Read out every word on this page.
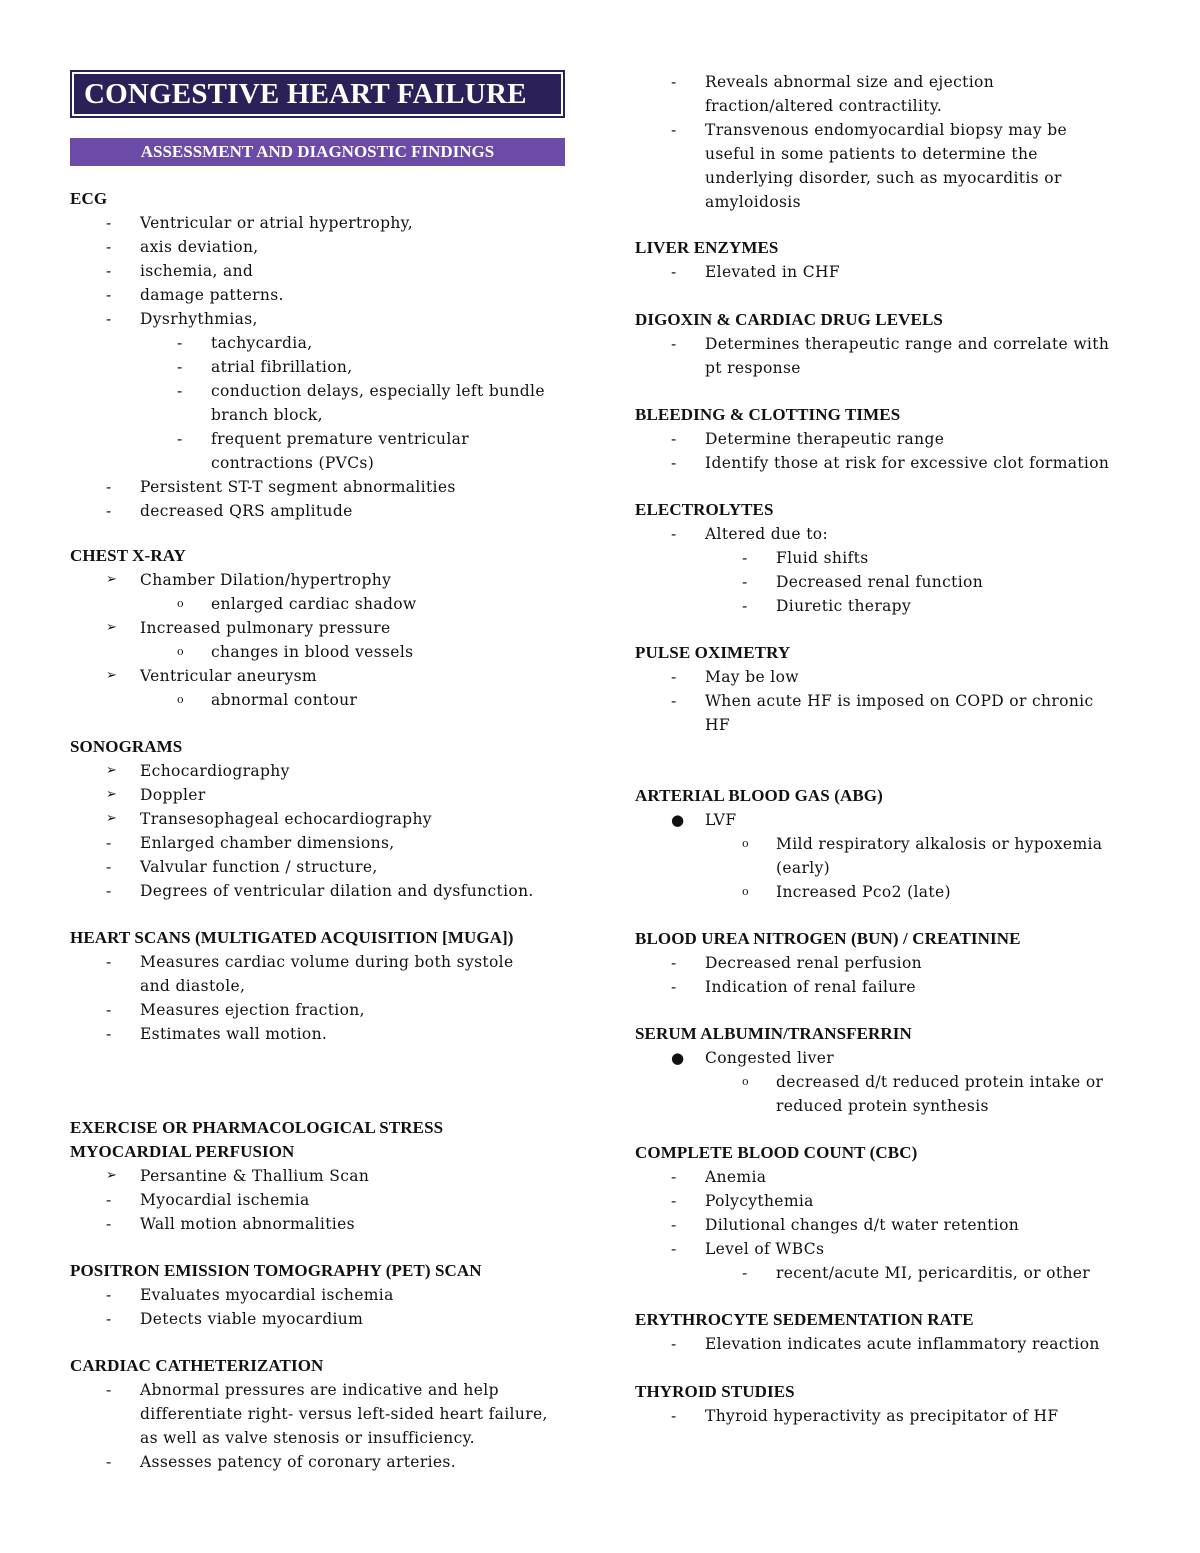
CONGESTIVE HEART FAILURE
ASSESSMENT AND DIAGNOSTIC FINDINGS
ECG
-	Ventricular or atrial hypertrophy,
-	axis deviation,
-	ischemia, and
-	damage patterns.
-	Dysrhythmias,
-	tachycardia,
-	atrial fibrillation,
-	conduction delays, especially left bundle
branch block,
-	frequent premature ventricular
contractions (PVCs)
-	Persistent ST-T segment abnormalities
-	decreased QRS amplitude
CHEST X-RAY
➢	Chamber Dilation/hypertrophy
o	enlarged cardiac shadow
➢	Increased pulmonary pressure
o	changes in blood vessels
➢	Ventricular aneurysm
o	abnormal contour
SONOGRAMS
➢	Echocardiography
➢	Doppler
➢	Transesophageal echocardiography
-	Enlarged chamber dimensions,
-	Valvular function / structure,
-	Degrees of ventricular dilation and dysfunction.
HEART SCANS (MULTIGATED ACQUISITION [MUGA])
-	Measures cardiac volume during both systole
and diastole,
-	Measures ejection fraction,
-	Estimates wall motion.
EXERCISE OR PHARMACOLOGICAL STRESS
MYOCARDIAL PERFUSION
➢	Persantine & Thallium Scan
-	Myocardial ischemia
-	Wall motion abnormalities
POSITRON EMISSION TOMOGRAPHY (PET) SCAN
-	Evaluates myocardial ischemia
-	Detects viable myocardium
CARDIAC CATHETERIZATION
-	Abnormal pressures are indicative and help
differentiate right- versus left-sided heart failure,
as well as valve stenosis or insufficiency.
-	Assesses patency of coronary arteries.
-	Reveals abnormal size and ejection
fraction/altered contractility.
-	Transvenous endomyocardial biopsy may be
useful in some patients to determine the
underlying disorder, such as myocarditis or
amyloidosis
LIVER ENZYMES
-	Elevated in CHF
DIGOXIN & CARDIAC DRUG LEVELS
-	Determines therapeutic range and correlate with
pt response
BLEEDING & CLOTTING TIMES
-	Determine therapeutic range
-	Identify those at risk for excessive clot formation
ELECTROLYTES
-	Altered due to:
-	Fluid shifts
-	Decreased renal function
-	Diuretic therapy
PULSE OXIMETRY
-	May be low
-	When acute HF is imposed on COPD or chronic
HF
ARTERIAL BLOOD GAS (ABG)
●	LVF
o	Mild respiratory alkalosis or hypoxemia
(early)
o	Increased Pco2 (late)
BLOOD UREA NITROGEN (BUN) / CREATININE
-	Decreased renal perfusion
-	Indication of renal failure
SERUM ALBUMIN/TRANSFERRIN
●	Congested liver
o	decreased d/t reduced protein intake or
reduced protein synthesis
COMPLETE BLOOD COUNT (CBC)
-	Anemia
-	Polycythemia
-	Dilutional changes d/t water retention
-	Level of WBCs
-	recent/acute MI, pericarditis, or other
ERYTHROCYTE SEDEMENTATION RATE
-	Elevation indicates acute inflammatory reaction
THYROID STUDIES
-	Thyroid hyperactivity as precipitator of HF
